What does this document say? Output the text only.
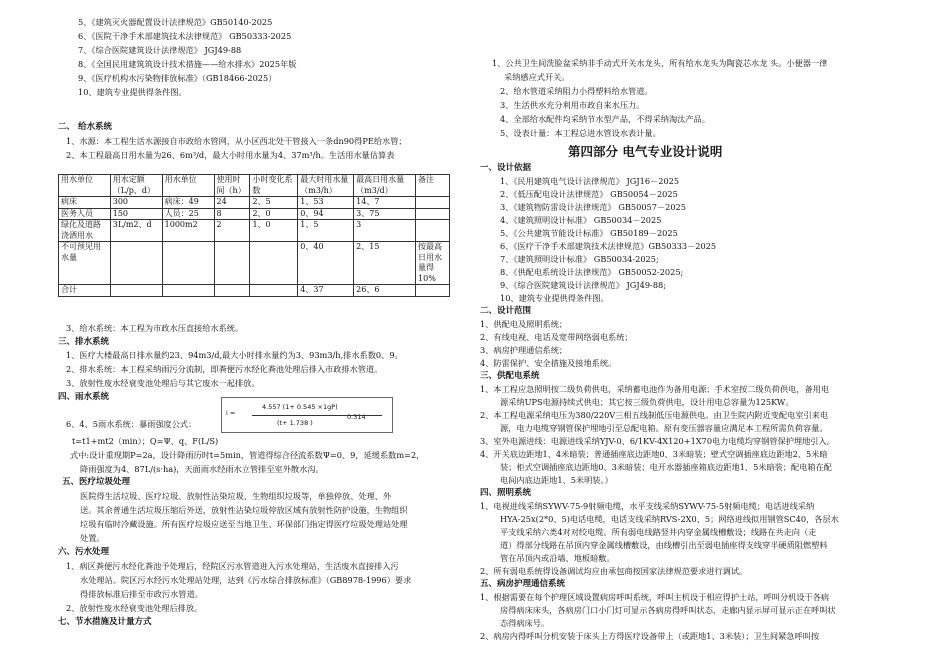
5、《建筑灭火器配置设计法律规范》GB50140-2025
6、《医院干净手术部建筑技术法律规范》 GB50333-2025
7、《综合医院建筑设计法律规范》 JGJ49-88
8、《全国民用建筑筑设计技术措施——给水排水》2025年版
9、《医疗机构水污染物排放标准》（GB18466-2025）
10、建筑专业提供得条件图。
二、 给水系统
1、水源：本工程生活水源接自市政给水管网，从小区西北处干管接入一条dn90得PE给水管；
2、本工程最高日用水量为26、6m³/d，最大小时用水量为4、37m³/h。生活用水量估算表
用水单位	用水定额（L/p、d）	用水单位	使用时间（h）	小时变化系数	最大时用水量（m3/h）	最高日用水量（m3/d）	备注
病床	300	病床：49	24	2、5	1、53	14、7	
医务人员	150	人员：25	8	2、0	0、94	3、75	
绿化及道路浇洒用水	3L/m2、d	1000m2	2	1、0	1、5	3	
不可预见用水量					0、40	2、15	按最高日用水量得10%
合计					4、37	26、6	
3、给水系统：本工程为市政水压直接给水系统。
三、排水系统
1、医疗大楼最高日排水量约23、94m3/d,最大小时排水量约为3、93m3/h,排水系数0、9。
2、排水系统：本工程采纳雨污分流制，即粪便污水经化粪池处理后排入市政排水管道。
3、放射性废水经衰变池处理后与其它废水一起排放。
四、雨水系统
6、4、5雨水系统：暴雨强度公式：
i =
4.557 (1+ 0.545 ×1gP)
0.314
(t+ 1.738 )
t=t1+mt2（min）；Q=Ψ、q、F(L/S)
式中:设计重现期P=2a，设计降雨历时t=5min，管道得综合径流系数Ψ=0、9，延缓系数m=2，
降雨强度为4、87L/(s·ha)，天面雨水经雨水立管排至室外散水沟。
五、医疗垃圾处理
医院得生活垃圾、医疗垃圾、放射性沾染垃圾、生物组织垃圾等，单独停放、处理、外
送。其余普通生活垃圾压缩后外送，放射性沾染垃圾停放区域有放射性防护设施，生物组织
垃圾有临时冷藏设施。所有医疗垃圾应送至当地卫生、环保部门指定得医疗垃圾处理站处理
处置。
六、污水处理
1、病区粪便污水经化粪池予处理后，经院区污水管道进入污水处理站，生活废水直接排入污
水处理站。院区污水经污水处理站处理，达到《污水综合排放标准》（GB8978-1996）要求
得排放标准后排至市政污水管道。
2、放射性废水经衰变池处理后排放。
七、节水措施及计量方式
1、公共卫生间洗脸盆采纳非手动式开关水龙头，所有给水龙头为陶瓷芯水龙 头。小便器一律
采纳感应式开关。
2、给水管道采纳阻力小得塑料给水管道。
3、生活供水充分利用市政自来水压力。
4、全部给水配件均采纳节水型产品，不得采纳淘汰产品。
5、设表计量：本工程总进水管设水表计量。
第四部分 电气专业设计说明
一、设计依据
1、《民用建筑电气设计法律规范》 JGJ16－2025
2、《低压配电设计法律规范》 GB50054－2025
3、《建筑物防雷设计法律规范》 GB50057－2025
4、《建筑照明设计标准》 GB50034－2025
5、《公共建筑节能设计标准》 GB50189－2025
6、《医疗干净手术部建筑技术法律规范》GB50333－2025
7、《建筑照明设计标准》 GB50034-2025;
8、《供配电系统设计法律规范》 GB50052-2025;
9、《综合医院建筑设计法律规范》 JGJ49-88;
10、建筑专业提供得条件图。
二、设计范围
1、供配电及照明系统；
2、有线电视、电话及宽带网络弱电系统；
3、病房护理通信系统；
4、防雷保护、安全措施及接地系统。
三、供配电系统
1、本工程应急照明按二级负荷供电，采纳蓄电池作为备用电源；手术室按二级负荷供电，备用电
源采纳UPS电源持续式供电；其它按三级负荷供电，设计用电总容量为125KW。
2、本工程电源采纳电压为380/220V三相五线制低压电源供电。由卫生院内附近变配电室引来电
源，电力电缆穿钢管保护埋地引至总配电箱。原有变压器容量应满足本工程所需负荷容量。
3、室外电源进线：电源进线采纳YJV-0、6/1KV-4X120+1X70电力电缆均穿钢管保护埋地引入。
4、开关底边距地1、4米暗装；普通插座底边距地0、3米暗装；壁式空调插座底边距地2、5米暗
装；柜式空调插座底边距地0、3米暗装；电开水器插座箱底边距地1、5米暗装；配电箱在配
电间内底边距地1、5米明装。）
四、照明系统
1、电视进线采纳SYWV-75-9射频电缆，水平支线采纳SYWV-75-5射频电缆；电话进线采纳
HYA-25x(2*0、5)电话电缆，电话支线采纳RVS-2X0、5；网络进线拟用钢管SC40，各层水
平支线采纳六类4对对绞电缆。所有弱电线路竖井内穿金属线槽敷设；线路在共走向（走
道）得部分线路在吊顶内穿金属线槽敷设，由线槽引出至弱电插座得支线穿半硬质阻燃塑料
管在吊顶内或沿墙、地板暗敷。
2、所有弱电系统得设备调试均应由承包商按国家法律规范要求进行调试。
五、病房护理通信系统
1、根据需要在每个护理区域设置病房呼叫系统，呼叫主机设于相应得护士站，呼叫分机设于各病
房得病床床头，各病房门口小门灯可显示各病房得呼叫状态，走廊内显示屏可显示正在呼叫状
态得病床号。
2、病房内得呼叫分机安装于床头上方得医疗设备带上（或距地1、3米装）；卫生间紧急呼叫按
